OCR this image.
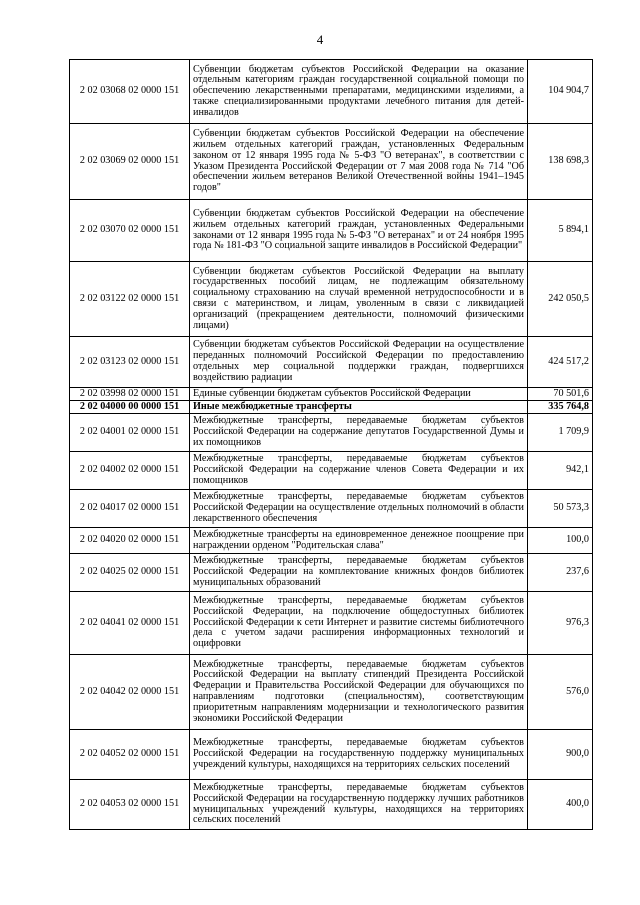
4
2 02 03068 02 0000 151	Субвенции бюджетам субъектов Российской Федерации на оказание отдельным категориям граждан государственной социальной помощи по обеспечению лекарственными препаратами, медицинскими изделиями, а также специализированными продуктами лечебного питания для детей-инвалидов	104 904,7
2 02 03069 02 0000 151	Субвенции бюджетам субъектов Российской Федерации на обеспечение жильем отдельных категорий граждан, установленных Федеральным законом от 12 января 1995 года № 5-ФЗ "О ветеранах", в соответствии с Указом Президента Российской Федерации от 7 мая 2008 года № 714 "Об обеспечении жильем ветеранов Великой Отечественной войны 1941–1945 годов"	138 698,3
2 02 03070 02 0000 151	Субвенции бюджетам субъектов Российской Федерации на обеспечение жильем отдельных категорий граждан, установленных Федеральными законами от 12 января 1995 года № 5-ФЗ "О ветеранах" и от 24 ноября 1995 года № 181-ФЗ "О социальной защите инвалидов в Российской Федерации"	5 894,1
2 02 03122 02 0000 151	Субвенции бюджетам субъектов Российской Федерации на выплату государственных пособий лицам, не подлежащим обязательному социальному страхованию на случай временной нетрудоспособности и в связи с материнством, и лицам, уволенным в связи с ликвидацией организаций (прекращением деятельности, полномочий физическими лицами)	242 050,5
2 02 03123 02 0000 151	Субвенции бюджетам субъектов Российской Федерации на осуществление переданных полномочий Российской Федерации по предоставлению отдельных мер социальной поддержки граждан, подвергшихся воздействию радиации	424 517,2
2 02 03998 02 0000 151	Единые субвенции бюджетам субъектов Российской Федерации	70 501,6
2 02 04000 00 0000 151	Иные межбюджетные трансферты	335 764,8
2 02 04001 02 0000 151	Межбюджетные трансферты, передаваемые бюджетам субъектов Российской Федерации на содержание депутатов Государственной Думы и их помощников	1 709,9
2 02 04002 02 0000 151	Межбюджетные трансферты, передаваемые бюджетам субъектов Российской Федерации на содержание членов Совета Федерации и их помощников	942,1
2 02 04017 02 0000 151	Межбюджетные трансферты, передаваемые бюджетам субъектов Российской Федерации на осуществление отдельных полномочий в области лекарственного обеспечения	50 573,3
2 02 04020 02 0000 151	Межбюджетные трансферты на единовременное денежное поощрение при награждении орденом "Родительская слава"	100,0
2 02 04025 02 0000 151	Межбюджетные трансферты, передаваемые бюджетам субъектов Российской Федерации на комплектование книжных фондов библиотек муниципальных образований	237,6
2 02 04041 02 0000 151	Межбюджетные трансферты, передаваемые бюджетам субъектов Российской Федерации, на подключение общедоступных библиотек Российской Федерации к сети Интернет и развитие системы библиотечного дела с учетом задачи расширения информационных технологий и оцифровки	976,3
2 02 04042 02 0000 151	Межбюджетные трансферты, передаваемые бюджетам субъектов Российской Федерации на выплату стипендий Президента Российской Федерации и Правительства Российской Федерации для обучающихся по направлениям подготовки (специальностям), соответствующим приоритетным направлениям модернизации и технологического развития экономики Российской Федерации	576,0
2 02 04052 02 0000 151	Межбюджетные трансферты, передаваемые бюджетам субъектов Российской Федерации на государственную поддержку муниципальных учреждений культуры, находящихся на территориях сельских поселений	900,0
2 02 04053 02 0000 151	Межбюджетные трансферты, передаваемые бюджетам субъектов Российской Федерации на государственную поддержку лучших работников муниципальных учреждений культуры, находящихся на территориях сельских поселений	400,0
